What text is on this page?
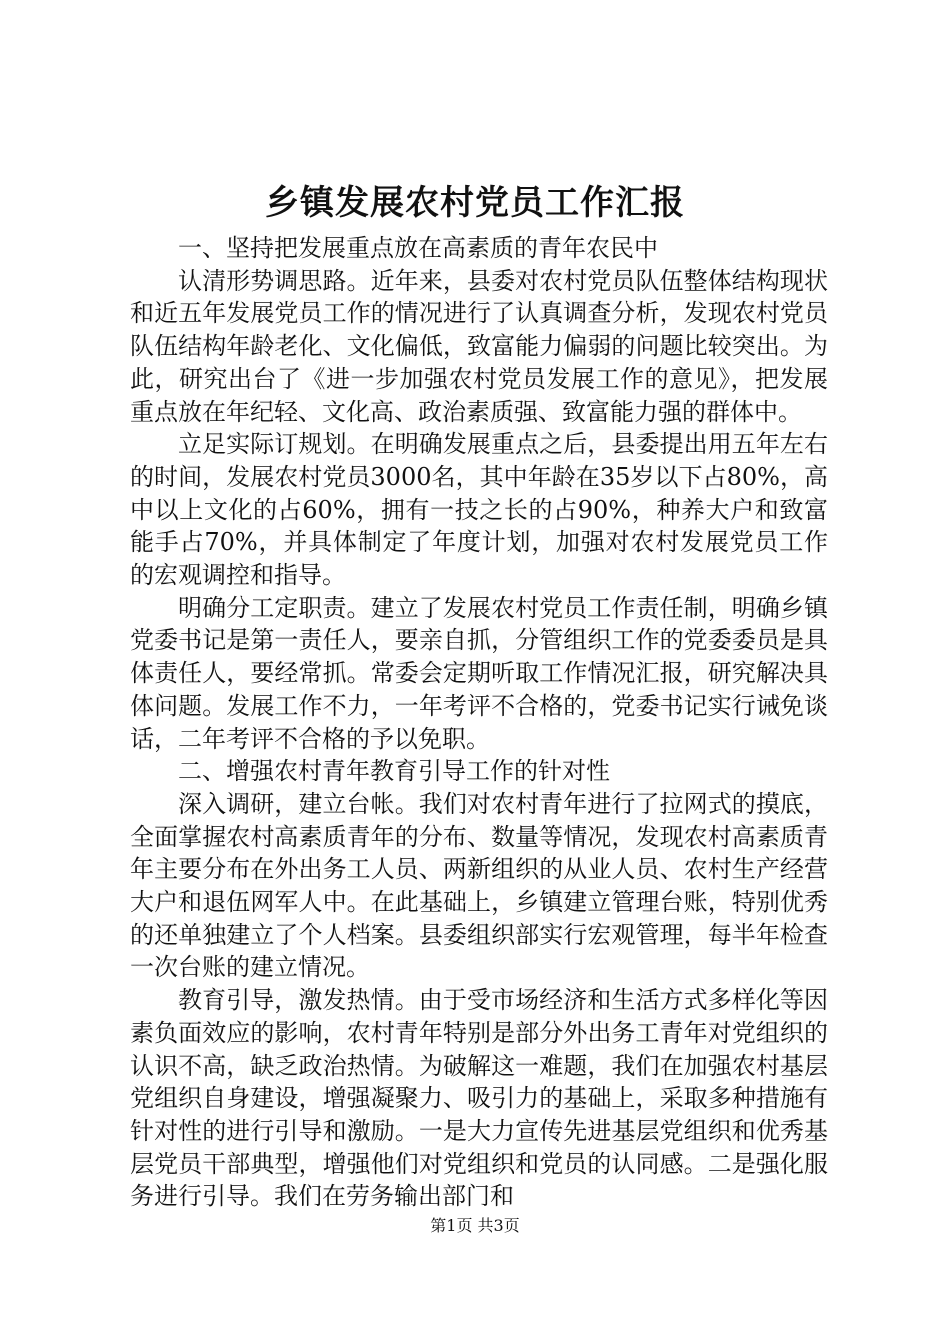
乡镇发展农村党员工作汇报

一、坚持把发展重点放在高素质的青年农民中

认清形势调思路。近年来，县委对农村党员队伍整体结构现状和近五年发展党员工作的情况进行了认真调查分析，发现农村党员队伍结构年龄老化、文化偏低，致富能力偏弱的问题比较突出。为此，研究出台了《进一步加强农村党员发展工作的意见》，把发展重点放在年纪轻、文化高、政治素质强、致富能力强的群体中。

立足实际订规划。在明确发展重点之后，县委提出用五年左右的时间，发展农村党员3000名，其中年龄在35岁以下占80%，高中以上文化的占60%，拥有一技之长的占90%，种养大户和致富能手占70%，并具体制定了年度计划，加强对农村发展党员工作的宏观调控和指导。

明确分工定职责。建立了发展农村党员工作责任制，明确乡镇党委书记是第一责任人，要亲自抓，分管组织工作的党委委员是具体责任人，要经常抓。常委会定期听取工作情况汇报，研究解决具体问题。发展工作不力，一年考评不合格的，党委书记实行诫免谈话，二年考评不合格的予以免职。

二、增强农村青年教育引导工作的针对性

深入调研，建立台帐。我们对农村青年进行了拉网式的摸底，全面掌握农村高素质青年的分布、数量等情况，发现农村高素质青年主要分布在外出务工人员、两新组织的从业人员、农村生产经营大户和退伍网军人中。在此基础上，乡镇建立管理台账，特别优秀的还单独建立了个人档案。县委组织部实行宏观管理，每半年检查一次台账的建立情况。

教育引导，激发热情。由于受市场经济和生活方式多样化等因素负面效应的影响，农村青年特别是部分外出务工青年对党组织的认识不高，缺乏政治热情。为破解这一难题，我们在加强农村基层党组织自身建设，增强凝聚力、吸引力的基础上，采取多种措施有针对性的进行引导和激励。一是大力宣传先进基层党组织和优秀基层党员干部典型，增强他们对党组织和党员的认同感。二是强化服务进行引导。我们在劳务输出部门和

第1页 共3页
